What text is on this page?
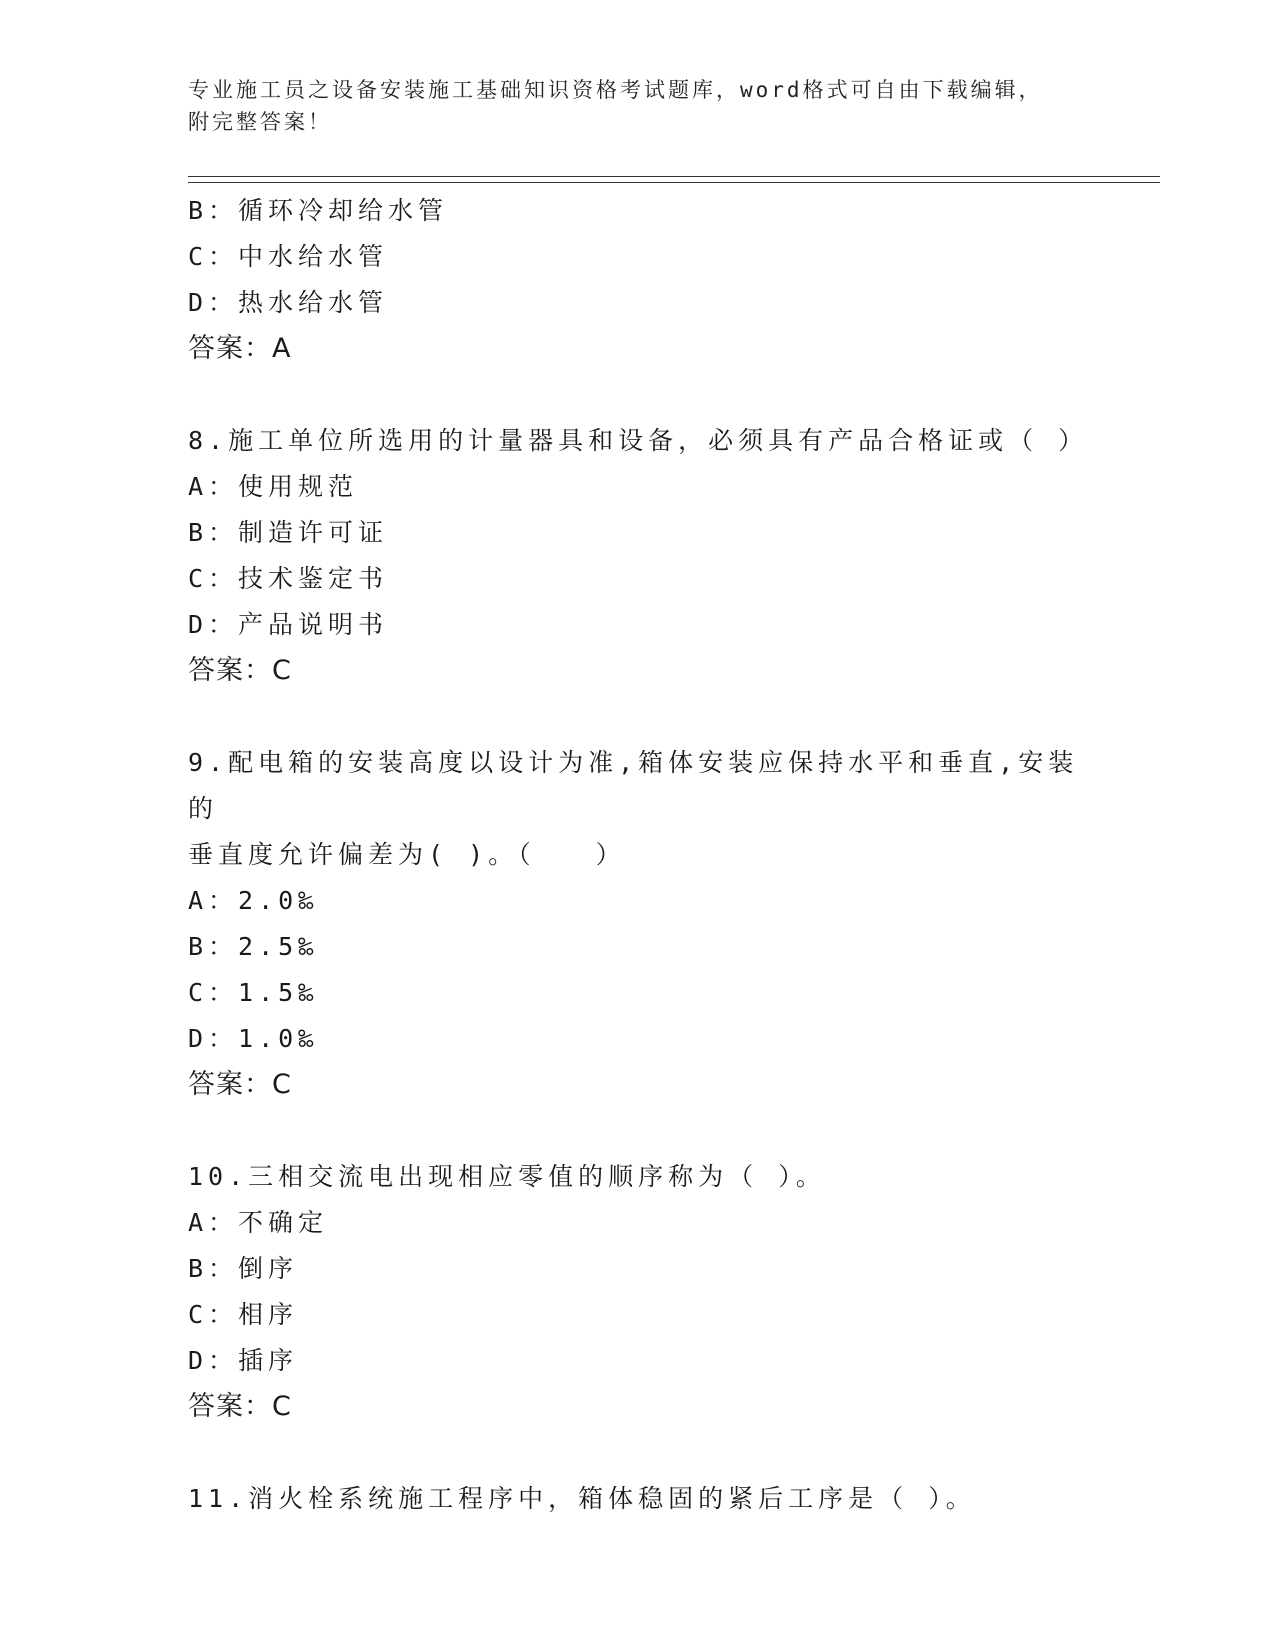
专业施工员之设备安装施工基础知识资格考试题库，word格式可自由下载编辑，
附完整答案！
B：循环冷却给水管
C：中水给水管
D：热水给水管
答案：A
8.施工单位所选用的计量器具和设备，必须具有产品合格证或（ ）
A：使用规范
B：制造许可证
C：技术鉴定书
D：产品说明书
答案：C
9.配电箱的安装高度以设计为准,箱体安装应保持水平和垂直,安装的
垂直度允许偏差为( )。（　　）
A：2.0‰
B：2.5‰
C：1.5‰
D：1.0‰
答案：C
10.三相交流电出现相应零值的顺序称为（ ）。
A：不确定
B：倒序
C：相序
D：插序
答案：C
11.消火栓系统施工程序中，箱体稳固的紧后工序是（ ）。
